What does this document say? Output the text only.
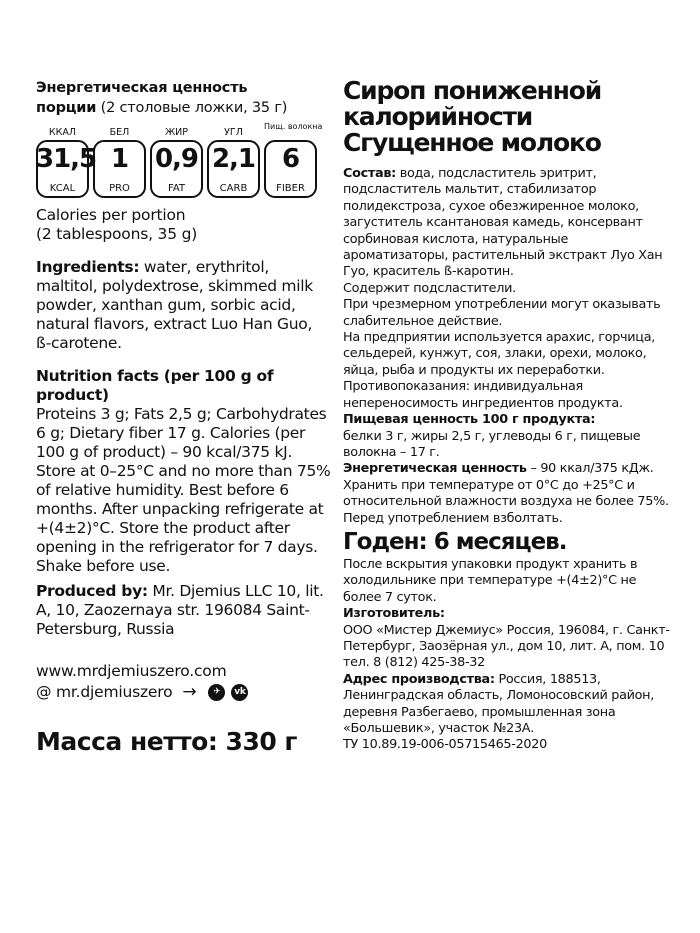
Энергетическая ценность
порции (2 столовые ложки, 35 г)
ККАЛ
31,5
KCAL
БЕЛ
1
PRO
ЖИР
0,9
FAT
УГЛ
2,1
CARB
Пищ. волокна
6
FIBER
Calories per portion
(2 tablespoons, 35 g)
Ingredients: water, erythritol, maltitol, polydextrose, skimmed milk powder, xanthan gum, sorbic acid, natural flavors, extract Luo Han Guo, ß-carotene.
Nutrition facts (per 100 g of product)
Proteins 3 g; Fats 2,5 g; Carbohydrates 6 g; Dietary fiber 17 g. Calories (per 100 g of product) – 90 kcal/375 kJ. Store at 0–25°C and no more than 75% of relative humidity. Best before 6 months. After unpacking refrigerate at +(4±2)°C. Store the product after opening in the refrigerator for 7 days. Shake before use.
Produced by: Mr. Djemius LLC 10, lit. A, 10, Zaozernaya str. 196084 Saint-Petersburg, Russia
www.mrdjemiuszero.com
@ mr.djemiuszero →	✈	vk
Масса нетто: 330 г
Сироп пониженной
калорийности
Сгущенное молоко
Состав: вода, подсластитель эритрит, подсластитель мальтит, стабилизатор полидекстроза, сухое обезжиренное молоко, загуститель ксантановая камедь, консервант сорбиновая кислота, натуральные ароматизаторы, растительный экстракт Луо Хан Гуо, краситель ß-каротин.
Содержит подсластители.
При чрезмерном употреблении могут оказывать слабительное действие.
На предприятии используется арахис, горчица, сельдерей, кунжут, соя, злаки, орехи, молоко, яйца, рыба и продукты их переработки. Противопоказания: индивидуальная непереносимость ингредиентов продукта.
Пищевая ценность 100 г продукта:
белки 3 г, жиры 2,5 г, углеводы 6 г, пищевые волокна – 17 г.
Энергетическая ценность – 90 ккал/375 кДж. Хранить при температуре от 0°С до +25°С и относительной влажности воздуха не более 75%. Перед употреблением взболтать.
Годен: 6 месяцев.
После вскрытия упаковки продукт хранить в холодильнике при температуре +(4±2)°С не более 7 суток.
Изготовитель:
ООО «Мистер Джемиус» Россия, 196084, г. Санкт-Петербург, Заозёрная ул., дом 10, лит. А, пом. 10 тел. 8 (812) 425-38-32
Адрес производства: Россия, 188513, Ленинградская область, Ломоносовский район, деревня Разбегаево, промышленная зона «Большевик», участок №23А.
ТУ 10.89.19-006-05715465-2020
